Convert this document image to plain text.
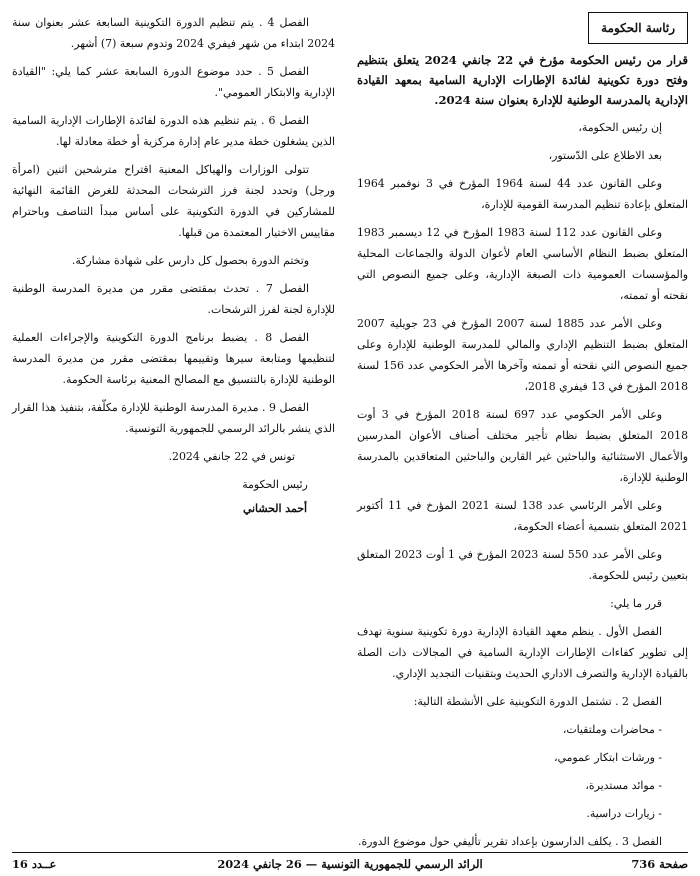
رئاسة الحكومة

قرار من رئيس الحكومة مؤرخ في 22 جانفي 2024 يتعلق بتنظيم وفتح دورة تكوينية لفائدة الإطارات الإدارية السامية بمعهد القيادة الإدارية بالمدرسة الوطنية للإدارة بعنوان سنة 2024.

إن رئيس الحكومة،

بعد الاطلاع على الدّستور،

وعلى القانون عدد 44 لسنة 1964 المؤرخ في 3 نوفمبر 1964 المتعلق بإعادة تنظيم المدرسة القومية للإدارة،

وعلى القانون عدد 112 لسنة 1983 المؤرخ في 12 ديسمبر 1983 المتعلق بضبط النظام الأساسي العام لأعوان الدولة والجماعات المحلية والمؤسسات العمومية ذات الصبغة الإدارية، وعلى جميع النصوص التي نقحته أو تممته،

وعلى الأمر عدد 1885 لسنة 2007 المؤرخ في 23 جويلية 2007 المتعلق بضبط التنظيم الإداري والمالي للمدرسة الوطنية للإدارة وعلى جميع النصوص التي نقحته أو تممته وآخرها الأمر الحكومي عدد 156 لسنة 2018 المؤرخ في 13 فيفري 2018،

وعلى الأمر الحكومي عدد 697 لسنة 2018 المؤرخ في 3 أوت 2018 المتعلق بضبط نظام تأجير مختلف أصناف الأعوان المدرسين والأعمال الاستثنائية والباحثين غير القارين والباحثين المتعاقدين بالمدرسة الوطنية للإدارة،

وعلى الأمر الرئاسي عدد 138 لسنة 2021 المؤرخ في 11 أكتوبر 2021 المتعلق بتسمية أعضاء الحكومة،

وعلى الأمر عدد 550 لسنة 2023 المؤرخ في 1 أوت 2023 المتعلق بتعيين رئيس للحكومة.

قرر ما يلي:

الفصل الأول . ينظم معهد القيادة الإدارية دورة تكوينية سنوية تهدف إلى تطوير كفاءات الإطارات الإدارية السامية في المجالات ذات الصلة بالقيادة الإدارية والتصرف الاداري الحديث وبتقنيات التجديد الإداري.

الفصل 2 . تشتمل الدورة التكوينية على الأنشطة التالية:

- محاضرات وملتقيات،

- ورشات ابتكار عمومي،

- موائد مستديرة،

- زيارات دراسية.

الفصل 3 . يكلف الدارسون بإعداد تقرير تأليفي حول موضوع الدورة.

الفصل 4 . يتم تنظيم الدورة التكوينية السابعة عشر بعنوان سنة 2024 ابتداء من شهر فيفري 2024 وتدوم سبعة (7) أشهر.

الفصل 5 . حدد موضوع الدورة السابعة عشر كما يلي: "القيادة الإدارية والابتكار العمومي".

الفصل 6 . يتم تنظيم هذه الدورة لفائدة الإطارات الإدارية السامية الذين يشغلون خطة مدير عام إدارة مركزية أو خطة معادلة لها.

تتولى الوزارات والهياكل المعنية اقتراح مترشحين اثنين (امرأة ورجل) وتحدد لجنة فرز الترشحات المحدثة للغرض القائمة النهائية للمشاركين في الدورة التكوينية على أساس مبدأ التناصف وباحترام مقاييس الاختيار المعتمدة من قبلها.

وتختم الدورة بحصول كل دارس على شهادة مشاركة.

الفصل 7 . تحدث بمقتضى مقرر من مديرة المدرسة الوطنية للإدارة لجنة لفرز الترشحات.

الفصل 8 . يضبط برنامج الدورة التكوينية والإجراءات العملية لتنظيمها ومتابعة سيرها وتقييمها بمقتضى مقرر من مديرة المدرسة الوطنية للإدارة بالتنسيق مع المصالح المعنية برئاسة الحكومة.

الفصل 9 . مديرة المدرسة الوطنية للإدارة مكلّفة، بتنفيذ هذا القرار الذي ينشر بالرائد الرسمي للجمهورية التونسية.

تونس في 22 جانفي 2024.

رئيس الحكومة
أحمد الحشاني
صفحة 736
الرائد الرسمي للجمهورية التونسية — 26 جانفي 2024
عــدد 16
